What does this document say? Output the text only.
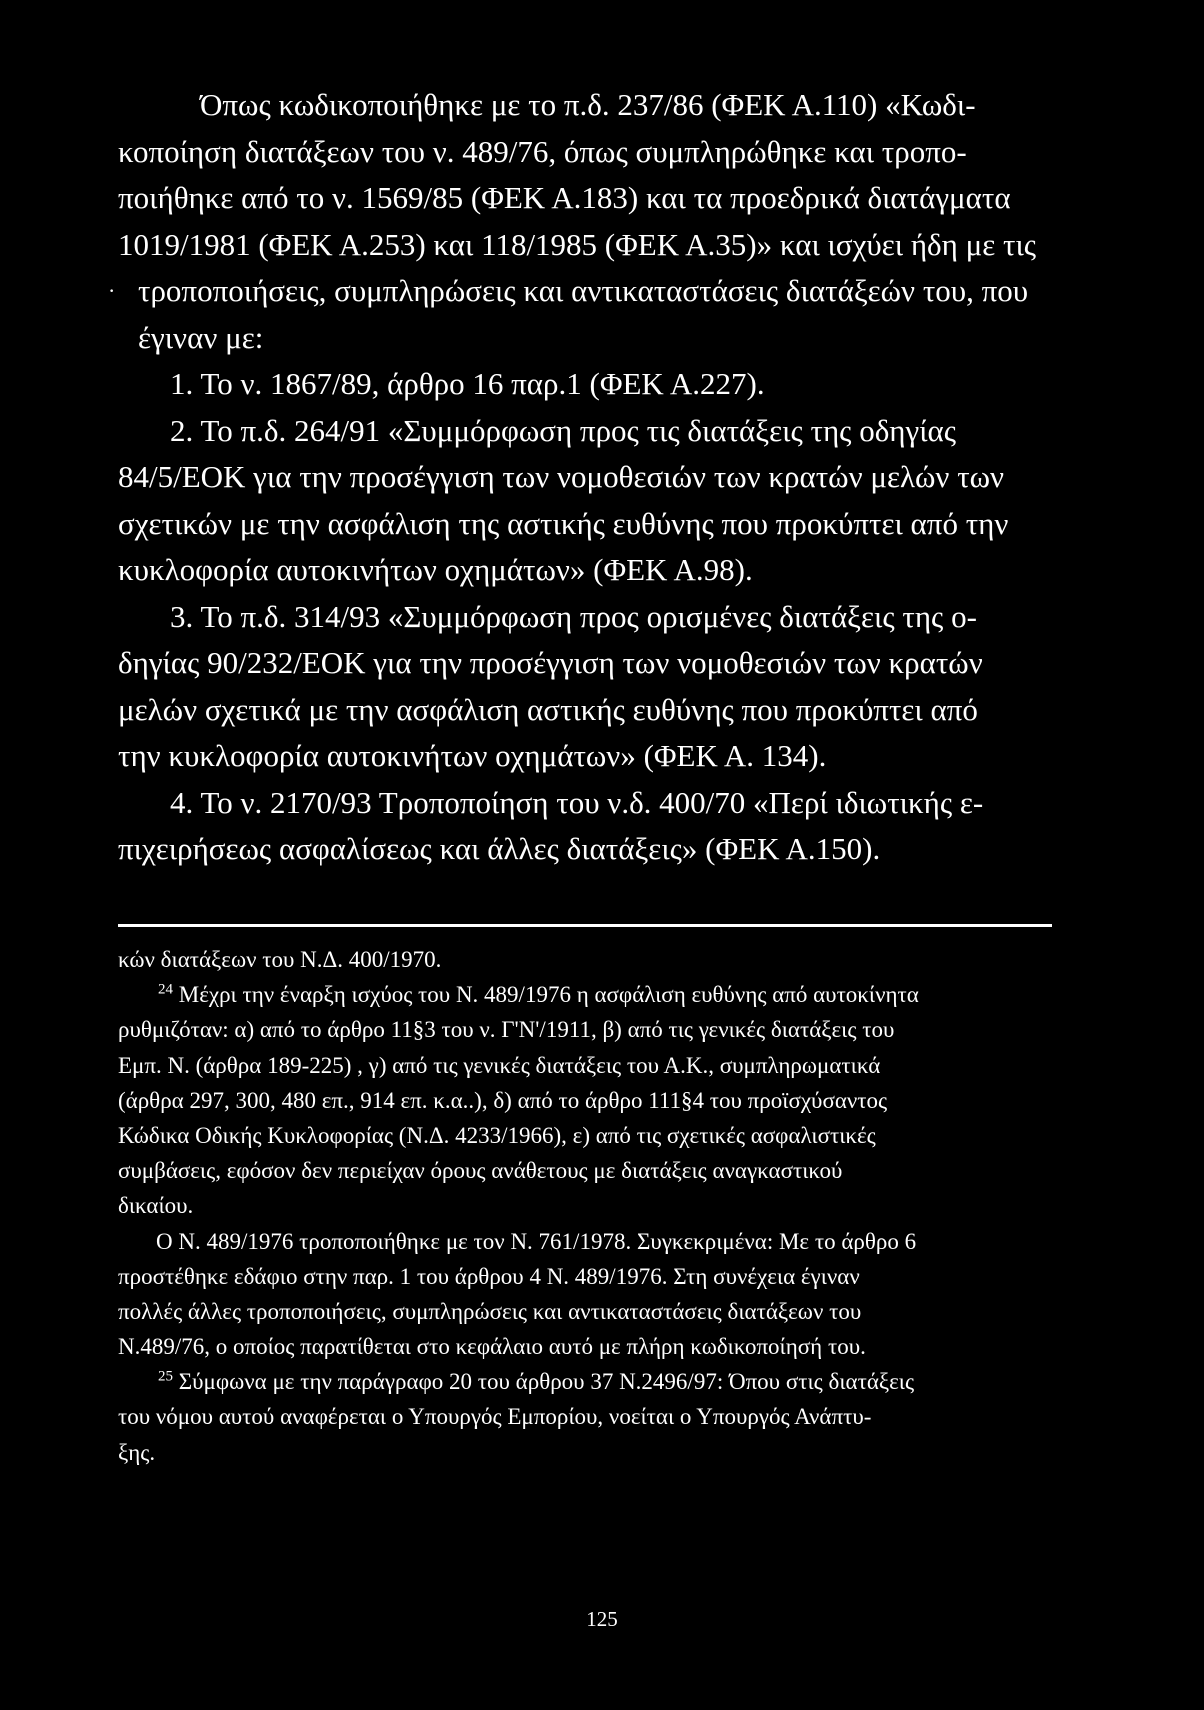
Όπως κωδικοποιήθηκε με το π.δ. 237/86 (ΦΕΚ Α.110) «Κωδι-
κοποίηση διατάξεων του ν. 489/76, όπως συμπληρώθηκε και τροπο-
ποιήθηκε από το ν. 1569/85 (ΦΕΚ Α.183) και τα προεδρικά διατάγματα
1019/1981 (ΦΕΚ Α.253) και 118/1985 (ΦΕΚ Α.35)» και ισχύει ήδη με τις
· τροποποιήσεις, συμπληρώσεις και αντικαταστάσεις διατάξεών του, που
έγιναν με:
1. Το ν. 1867/89, άρθρο 16 παρ.1 (ΦΕΚ Α.227).
2. Το π.δ. 264/91 «Συμμόρφωση προς τις διατάξεις της οδηγίας
84/5/ΕΟΚ για την προσέγγιση των νομοθεσιών των κρατών μελών των
σχετικών με την ασφάλιση της αστικής ευθύνης που προκύπτει από την
κυκλοφορία αυτοκινήτων οχημάτων» (ΦΕΚ Α.98).
3. Το π.δ. 314/93 «Συμμόρφωση προς ορισμένες διατάξεις της ο-
δηγίας 90/232/ΕΟΚ για την προσέγγιση των νομοθεσιών των κρατών
μελών σχετικά με την ασφάλιση αστικής ευθύνης που προκύπτει από
την κυκλοφορία αυτοκινήτων οχημάτων» (ΦΕΚ Α. 134).
4. Το ν. 2170/93 Τροποποίηση του ν.δ. 400/70 «Περί ιδιωτικής ε-
πιχειρήσεως ασφαλίσεως και άλλες διατάξεις» (ΦΕΚ Α.150).
κών διατάξεων του Ν.Δ. 400/1970.
$^{24}$ Μέχρι την έναρξη ισχύος του Ν. 489/1976 η ασφάλιση ευθύνης από αυτοκίνητα
ρυθμιζόταν: α) από το άρθρο 11§3 του ν. Γ'Ν'/1911, β) από τις γενικές διατάξεις του
Εμπ. Ν. (άρθρα 189-225) , γ) από τις γενικές διατάξεις του Α.Κ., συμπληρωματικά
(άρθρα 297, 300, 480 επ., 914 επ. κ.α..), δ) από το άρθρο 111§4 του προϊσχύσαντος
Κώδικα Οδικής Κυκλοφορίας (Ν.Δ. 4233/1966), ε) από τις σχετικές ασφαλιστικές
συμβάσεις, εφόσον δεν περιείχαν όρους ανάθετους με διατάξεις αναγκαστικού
δικαίου.
Ο Ν. 489/1976 τροποποιήθηκε με τον Ν. 761/1978. Συγκεκριμένα: Με το άρθρο 6
προστέθηκε εδάφιο στην παρ. 1 του άρθρου 4 Ν. 489/1976. Στη συνέχεια έγιναν
πολλές άλλες τροποποιήσεις, συμπληρώσεις και αντικαταστάσεις διατάξεων του
Ν.489/76, ο οποίος παρατίθεται στο κεφάλαιο αυτό με πλήρη κωδικοποίησή του.
$^{25}$ Σύμφωνα με την παράγραφο 20 του άρθρου 37 Ν.2496/97: Όπου στις διατάξεις
του νόμου αυτού αναφέρεται ο Υπουργός Εμπορίου, νοείται ο Υπουργός Ανάπτυ-
ξης.
125
